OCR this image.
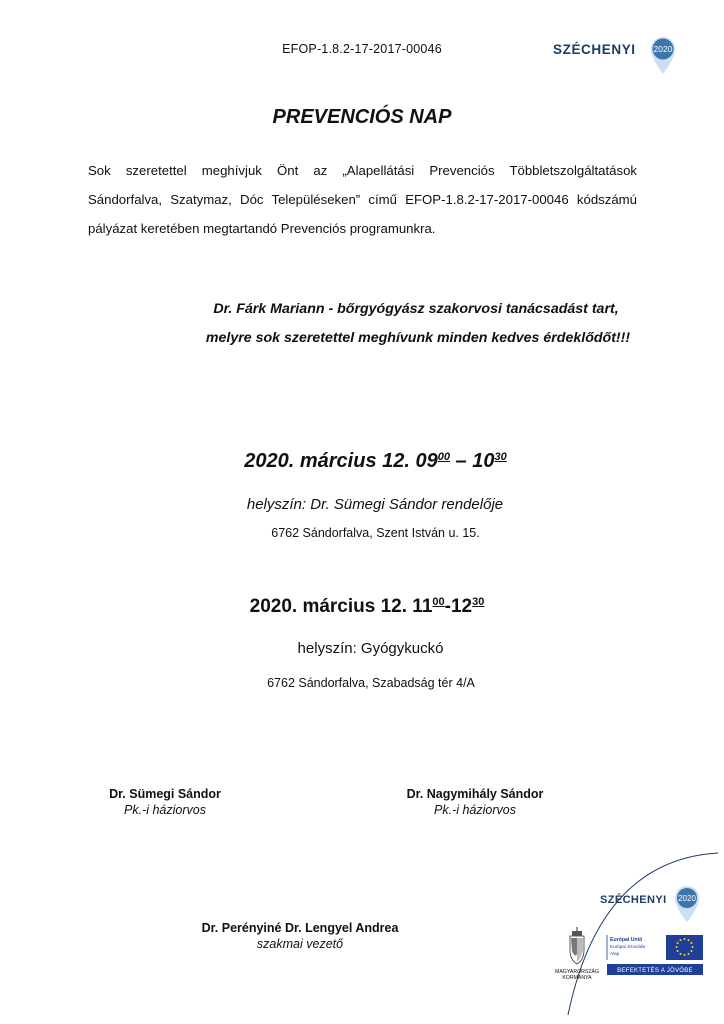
EFOP-1.8.2-17-2017-00046	SZÉCHENYI 2020
PREVENCIÓS NAP
Sok szeretettel meghívjuk Önt az „Alapellátási Prevenciós Többletszolgáltatások
Sándorfalva, Szatymaz, Dóc Településeken” című EFOP-1.8.2-17-2017-00046 kódszámú
pályázat keretében megtartandó Prevenciós programunkra.
Dr. Fárk Mariann - bőrgyógyász szakorvosi tanácsadást tart,
melyre sok szeretettel meghívunk minden kedves érdeklődőt!!!
2020. március 12. $09^{00} - 10^{30}$
helyszín: Dr. Sümegi Sándor rendelője
6762 Sándorfalva, Szent István u. 15.
2020. március 12. $11^{00}-12^{30}$
helyszín: Gyógykuckó
6762 Sándorfalva, Szabadság tér 4/A
Dr. Sümegi Sándor
Pk.-i háziorvos
Dr. Nagymihály Sándor
Pk.-i háziorvos
Dr. Perényiné Dr. Lengyel Andrea
szakmai vezető
SZÉCHENYI 2020
MAGYARORSZÁG
KORMÁNYA
Európai Unió
Európai Szociális
Alap
BEFEKTETÉS A JÖVŐBE
